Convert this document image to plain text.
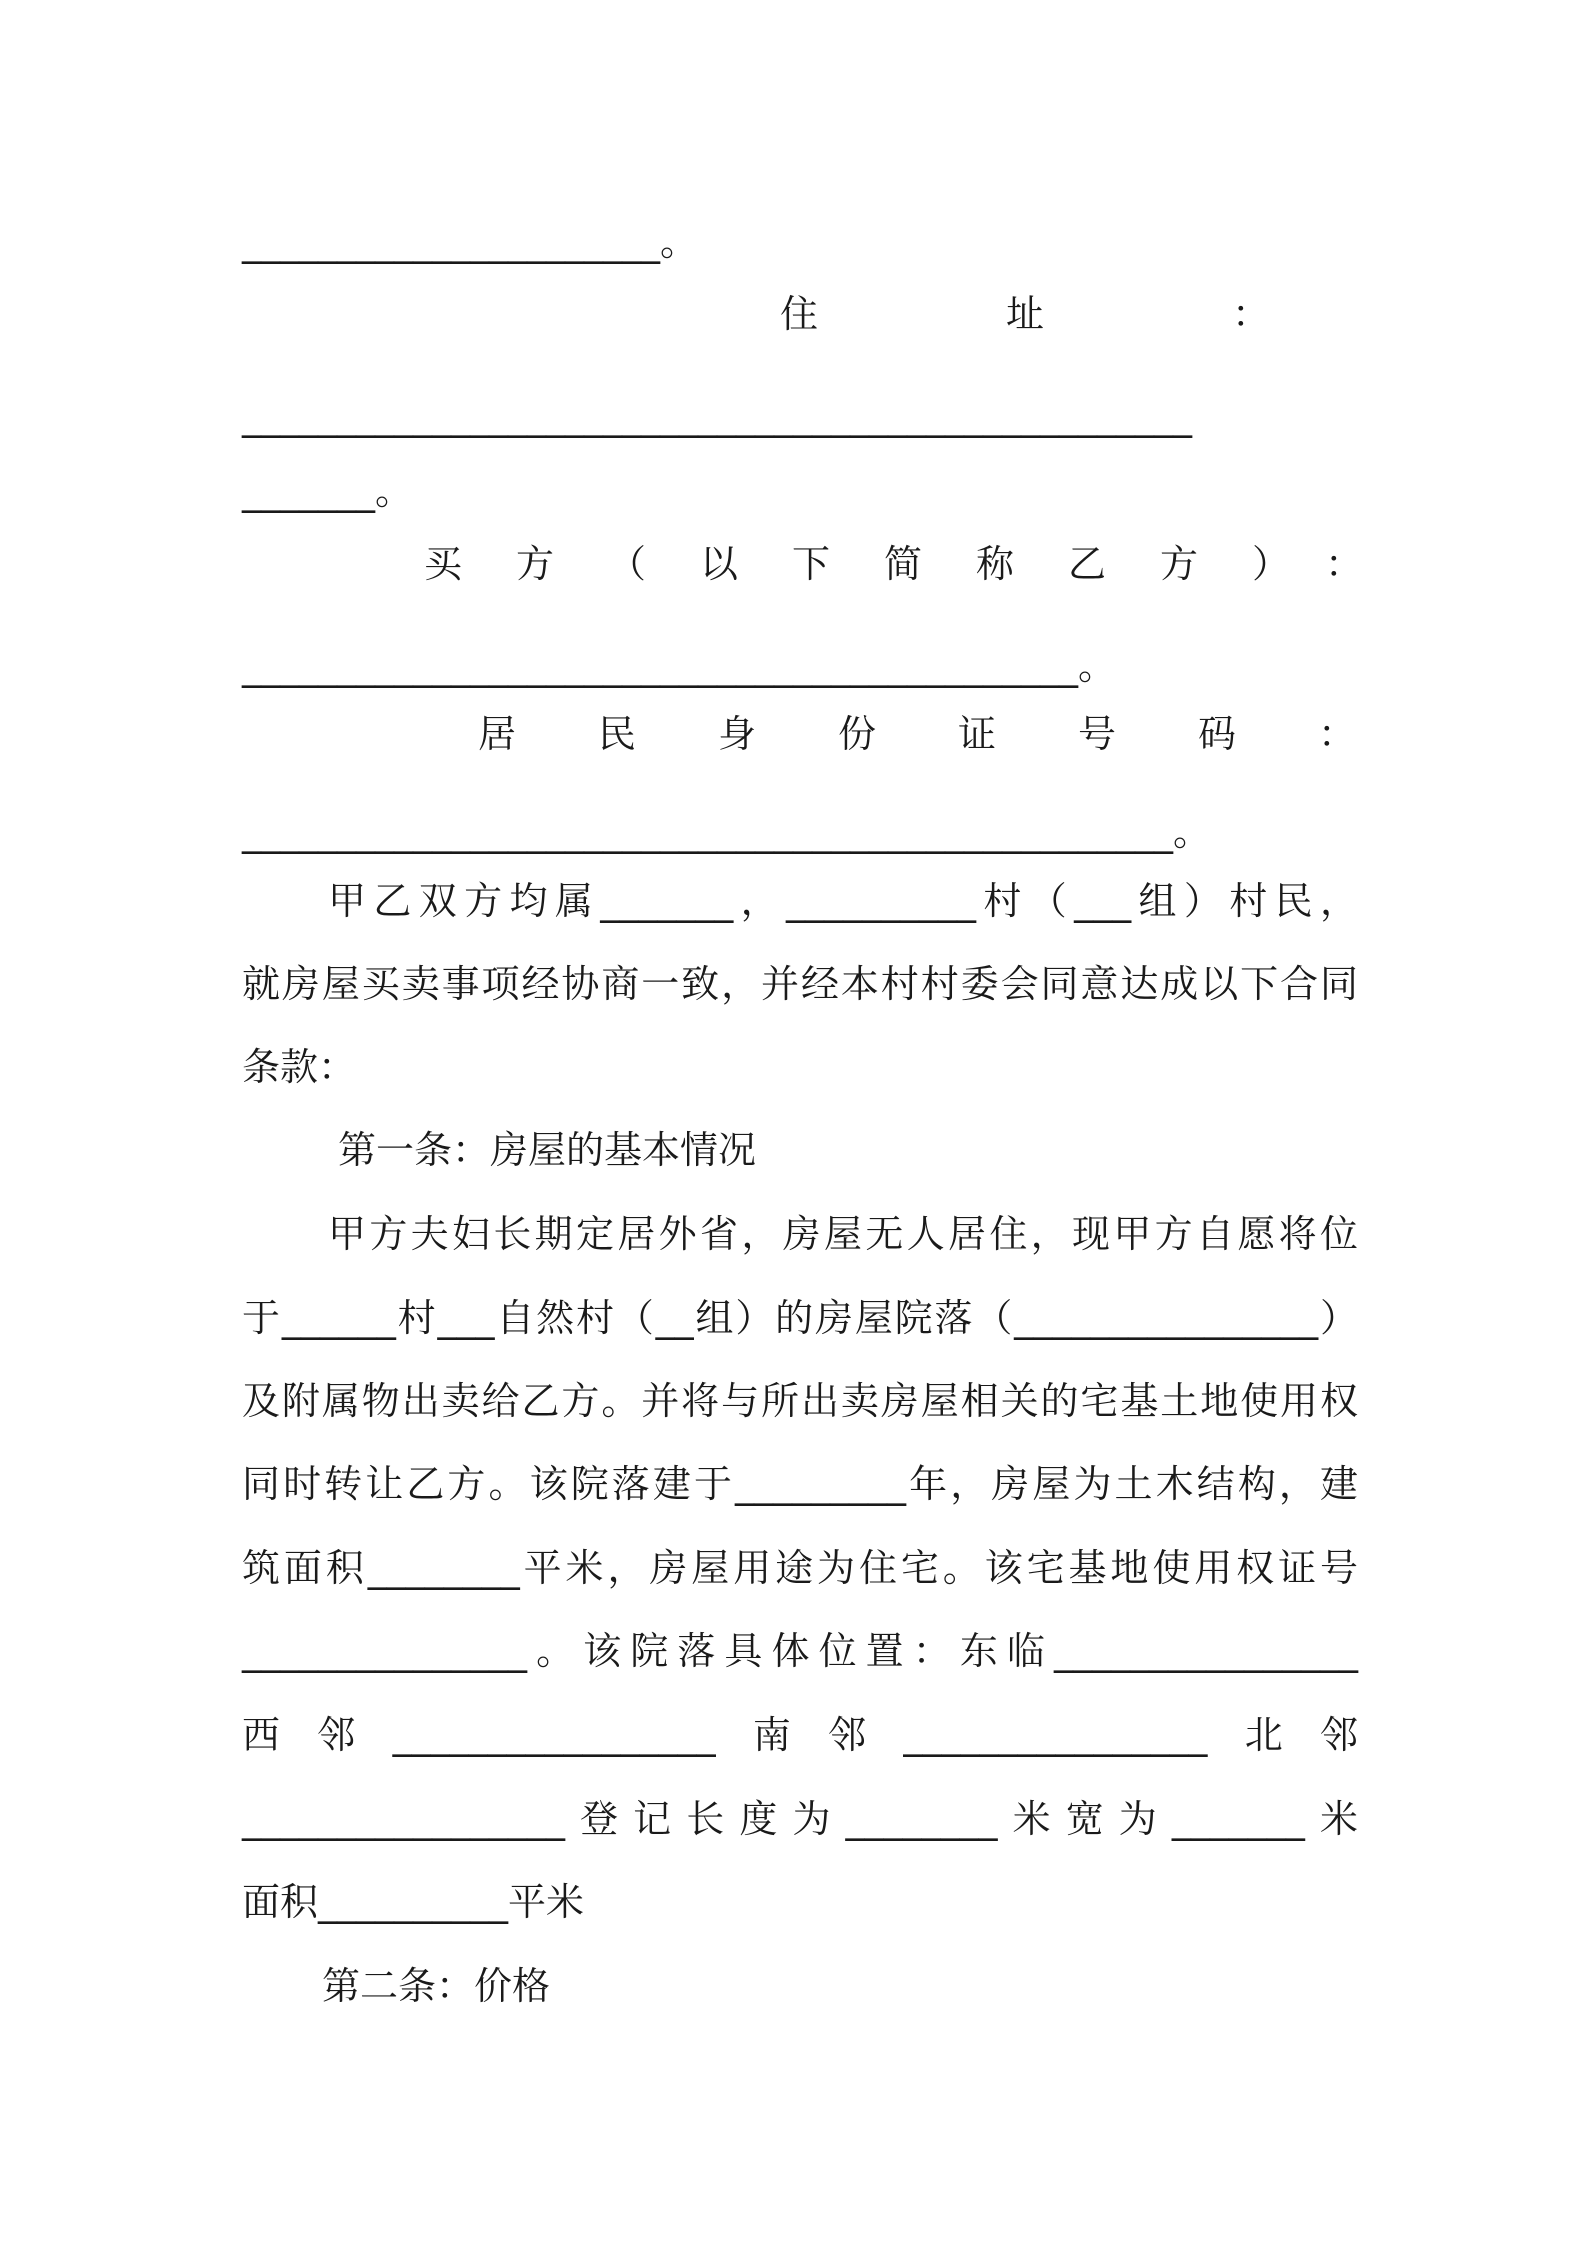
______________________。
住址：
__________________________________________________
_______。
买方（以下简称乙方）：
____________________________________________。
居民身份证号码：
_________________________________________________。
甲乙双方均属_______，__________村（___组）村民，
就房屋买卖事项经协商一致，并经本村村委会同意达成以下合同
条款：
第一条：房屋的基本情况
甲方夫妇长期定居外省，房屋无人居住，现甲方自愿将位
于______村___自然村（__组）的房屋院落（________________）
及附属物出卖给乙方。并将与所出卖房屋相关的宅基土地使用权
同时转让乙方。该院落建于_________年，房屋为土木结构，建
筑面积________平米，房屋用途为住宅。该宅基地使用权证号
_______________。该院落具体位置：东临________________
西邻_________________南邻________________北邻
_________________登记长度为________米宽为_______米
面积__________平米
第二条：价格
